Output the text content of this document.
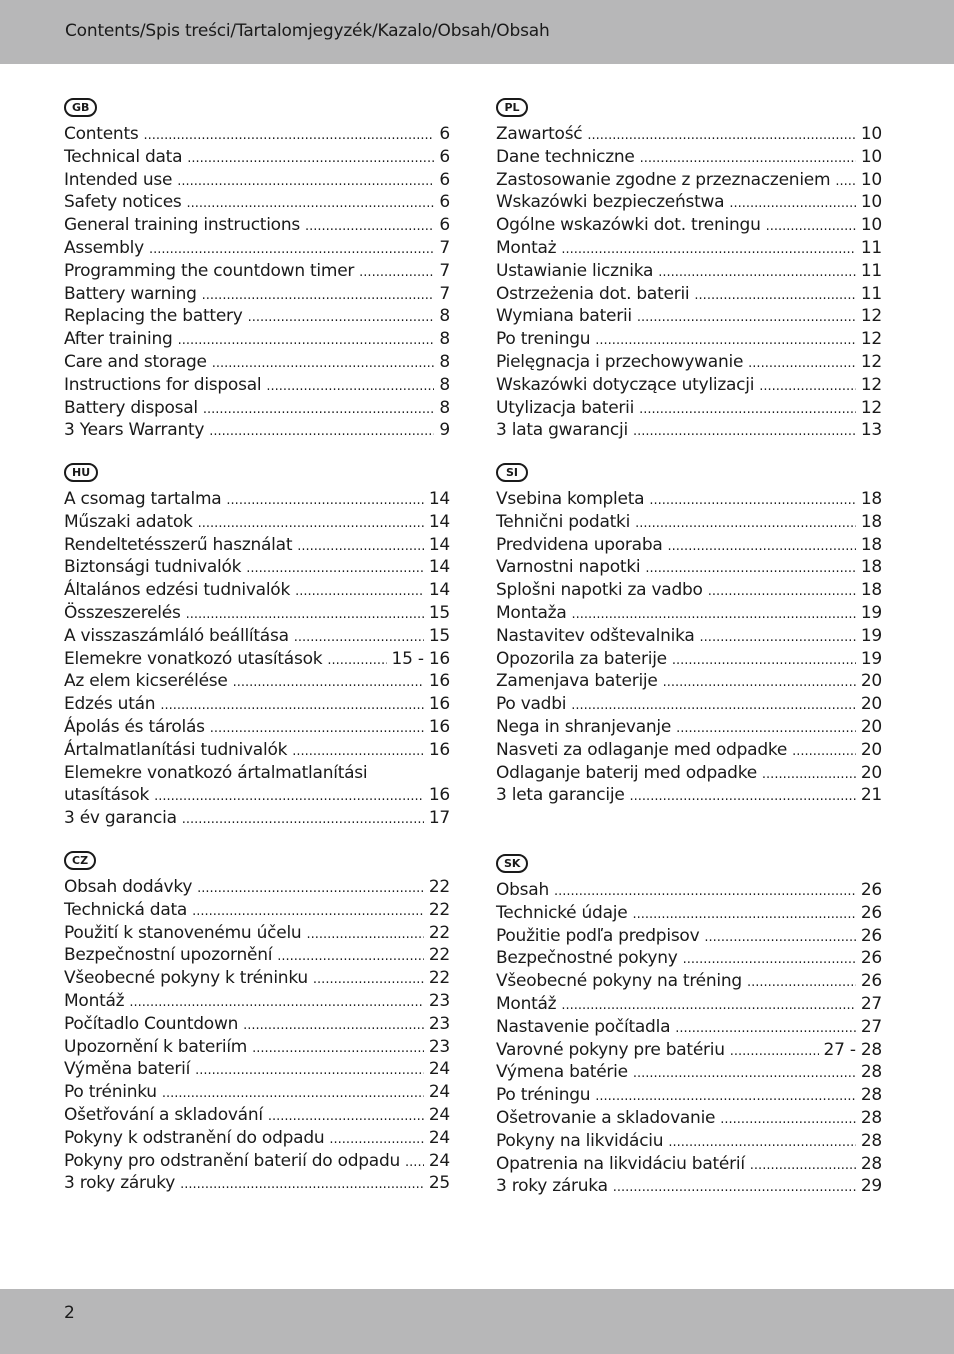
Contents/Spis treści/Tartalomjegyzék/Kazalo/Obsah/Obsah
GB
Contents .....	6
Technical data .....	6
Intended use .....	6
Safety notices .....	6
General training instructions .....	6
Assembly .....	7
Programming the countdown timer .....	7
Battery warning .....	7
Replacing the battery .....	8
After training .....	8
Care and storage .....	8
Instructions for disposal .....	8
Battery disposal .....	8
3 Years Warranty .....	9
HU
A csomag tartalma .....	14
Műszaki adatok .....	14
Rendeltetésszerű használat .....	14
Biztonsági tudnivalók .....	14
Általános edzési tudnivalók .....	14
Összeszerelés .....	15
A visszaszámláló beállítása .....	15
Elemekre vonatkozó utasítások .....	15 - 16
Az elem kicserélése .....	16
Edzés után .....	16
Ápolás és tárolás .....	16
Ártalmatlanítási tudnivalók .....	16
Elemekre vonatkozó ártalmatlanítási
utasítások .....	16
3 év garancia .....	17
CZ
Obsah dodávky .....	22
Technická data .....	22
Použití k stanovenému účelu .....	22
Bezpečnostní upozornění .....	22
Všeobecné pokyny k tréninku .....	22
Montáž .....	23
Počítadlo Countdown .....	23
Upozornění k bateriím .....	23
Výměna baterií .....	24
Po tréninku .....	24
Ošetřování a skladování .....	24
Pokyny k odstranění do odpadu .....	24
Pokyny pro odstranění baterií do odpadu ..... 24
3 roky záruky .....	25
PL
Zawartość .....	10
Dane techniczne .....	10
Zastosowanie zgodne z przeznaczeniem ..... 10
Wskazówki bezpieczeństwa .....	10
Ogólne wskazówki dot. treningu .....	10
Montaż .....	11
Ustawianie licznika .....	11
Ostrzeżenia dot. baterii .....	11
Wymiana baterii .....	12
Po treningu .....	12
Pielęgnacja i przechowywanie .....	12
Wskazówki dotyczące utylizacji .....	12
Utylizacja baterii .....	12
3 lata gwarancji .....	13
SI
Vsebina kompleta .....	18
Tehnični podatki .....	18
Predvidena uporaba .....	18
Varnostni napotki .....	18
Splošni napotki za vadbo .....	18
Montaža .....	19
Nastavitev odštevalnika .....	19
Opozorila za baterije .....	19
Zamenjava baterije .....	20
Po vadbi .....	20
Nega in shranjevanje .....	20
Nasveti za odlaganje med odpadke .....	20
Odlaganje baterij med odpadke .....	20
3 leta garancije .....	21
SK
Obsah .....	26
Technické údaje .....	26
Použitie podľa predpisov .....	26
Bezpečnostné pokyny .....	26
Všeobecné pokyny na tréning .....	26
Montáž .....	27
Nastavenie počítadla .....	27
Varovné pokyny pre batériu .....	27 - 28
Výmena batérie .....	28
Po tréningu .....	28
Ošetrovanie a skladovanie .....	28
Pokyny na likvidáciu .....	28
Opatrenia na likvidáciu batérií .....	28
3 roky záruka .....	29
2
